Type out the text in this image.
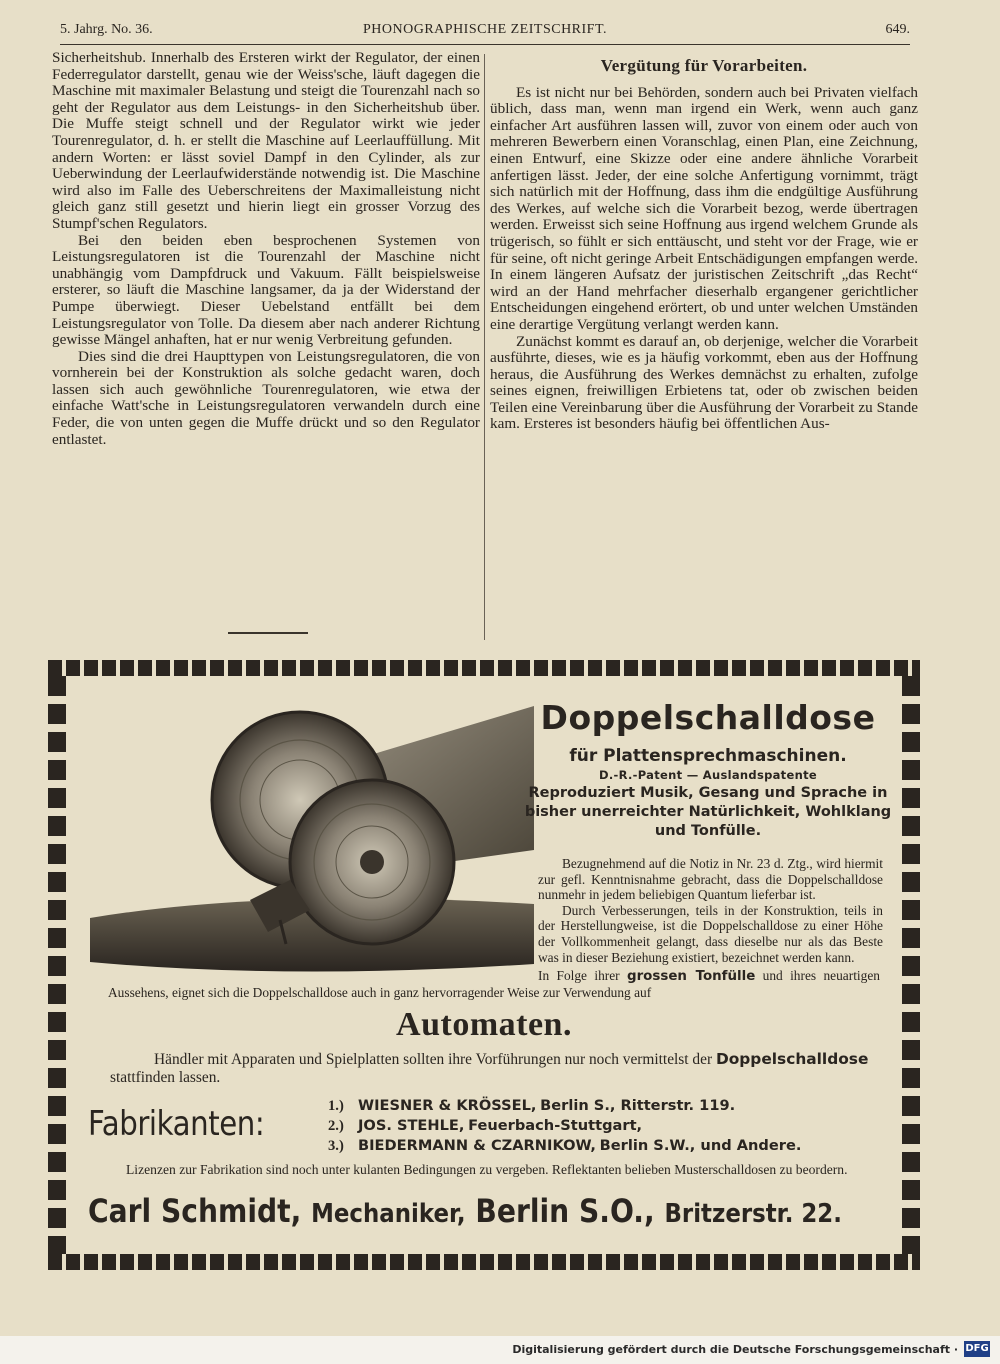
5. Jahrg. No. 36.	PHONOGRAPHISCHE ZEITSCHRIFT.	649.

Sicherheitshub. Innerhalb des Ersteren wirkt der Regulator, der einen Federregulator darstellt, genau wie der Weiss'sche, läuft dagegen die Maschine mit maximaler Belastung und steigt die Tourenzahl nach so geht der Regulator aus dem Leistungs- in den Sicherheitshub über. Die Muffe steigt schnell und der Regulator wirkt wie jeder Tourenregulator, d. h. er stellt die Maschine auf Leerlauffüllung. Mit andern Worten: er lässt soviel Dampf in den Cylinder, als zur Ueberwindung der Leerlaufwiderstände notwendig ist. Die Maschine wird also im Falle des Ueberschreitens der Maximalleistung nicht gleich ganz still gesetzt und hierin liegt ein grosser Vorzug des Stumpf'schen Regulators.

Bei den beiden eben besprochenen Systemen von Leistungsregulatoren ist die Tourenzahl der Maschine nicht unabhängig vom Dampfdruck und Vakuum. Fällt beispielsweise ersterer, so läuft die Maschine langsamer, da ja der Widerstand der Pumpe überwiegt. Dieser Uebelstand entfällt bei dem Leistungsregulator von Tolle. Da diesem aber nach anderer Richtung gewisse Mängel anhaften, hat er nur wenig Verbreitung gefunden.

Dies sind die drei Haupttypen von Leistungsregulatoren, die von vornherein bei der Konstruktion als solche gedacht waren, doch lassen sich auch gewöhnliche Tourenregulatoren, wie etwa der einfache Watt'sche in Leistungsregulatoren verwandeln durch eine Feder, die von unten gegen die Muffe drückt und so den Regulator entlastet.

Vergütung für Vorarbeiten.

Es ist nicht nur bei Behörden, sondern auch bei Privaten vielfach üblich, dass man, wenn man irgend ein Werk, wenn auch ganz einfacher Art ausführen lassen will, zuvor von einem oder auch von mehreren Bewerbern einen Voranschlag, einen Plan, eine Zeichnung, einen Entwurf, eine Skizze oder eine andere ähnliche Vorarbeit anfertigen lässt. Jeder, der eine solche Anfertigung vornimmt, trägt sich natürlich mit der Hoffnung, dass ihm die endgültige Ausführung des Werkes, auf welche sich die Vorarbeit bezog, werde übertragen werden. Erweisst sich seine Hoffnung aus irgend welchem Grunde als trügerisch, so fühlt er sich enttäuscht, und steht vor der Frage, wie er für seine, oft nicht geringe Arbeit Entschädigungen empfangen werde. In einem längeren Aufsatz der juristischen Zeitschrift „das Recht“ wird an der Hand mehrfacher dieserhalb ergangener gerichtlicher Entscheidungen eingehend erörtert, ob und unter welchen Umständen eine derartige Vergütung verlangt werden kann.

Zunächst kommt es darauf an, ob derjenige, welcher die Vorarbeit ausführte, dieses, wie es ja häufig vorkommt, eben aus der Hoffnung heraus, die Ausführung des Werkes demnächst zu erhalten, zufolge seines eignen, freiwilligen Erbietens tat, oder ob zwischen beiden Teilen eine Vereinbarung über die Ausführung der Vorarbeit zu Stande kam. Ersteres ist besonders häufig bei öffentlichen Aus-

Doppelschalldose
für Plattensprechmaschinen.
D.-R.-Patent — Auslandspatente
Reproduziert Musik, Gesang und Sprache in bisher unerreichter Natürlichkeit, Wohlklang und Tonfülle.

Bezugnehmend auf die Notiz in Nr. 23 d. Ztg., wird hiermit zur gefl. Kenntnisnahme gebracht, dass die Doppelschalldose nunmehr in jedem beliebigen Quantum lieferbar ist.

Durch Verbesserungen, teils in der Konstruktion, teils in der Herstellungweise, ist die Doppelschalldose zu einer Höhe der Vollkommenheit gelangt, dass dieselbe nur als das Beste was in dieser Beziehung existiert, bezeichnet werden kann.

In Folge ihrer grossen Tonfülle und ihres neuartigen Aussehens, eignet sich die Doppelschalldose auch in ganz hervorragender Weise zur Verwendung auf
Automaten.
Händler mit Apparaten und Spielplatten sollten ihre Vorführungen nur noch vermittelst der Doppelschalldose stattfinden lassen.
Fabrikanten:	1.) WIESNER & KRÖSSEL,
Berlin S., Ritterstr. 119.
2.) JOS. STEHLE,
Feuerbach-Stuttgart,
3.) BIEDERMANN & CZARNIKOW,
Berlin S.W., und Andere.
Lizenzen zur Fabrikation sind noch unter kulanten Bedingungen zu vergeben. Reflektanten belieben Musterschalldosen zu beordern.
Carl Schmidt, Mechaniker, Berlin S.O., Britzerstr. 22.
Digitalisierung gefördert durch die Deutsche Forschungsgemeinschaft · DFG
